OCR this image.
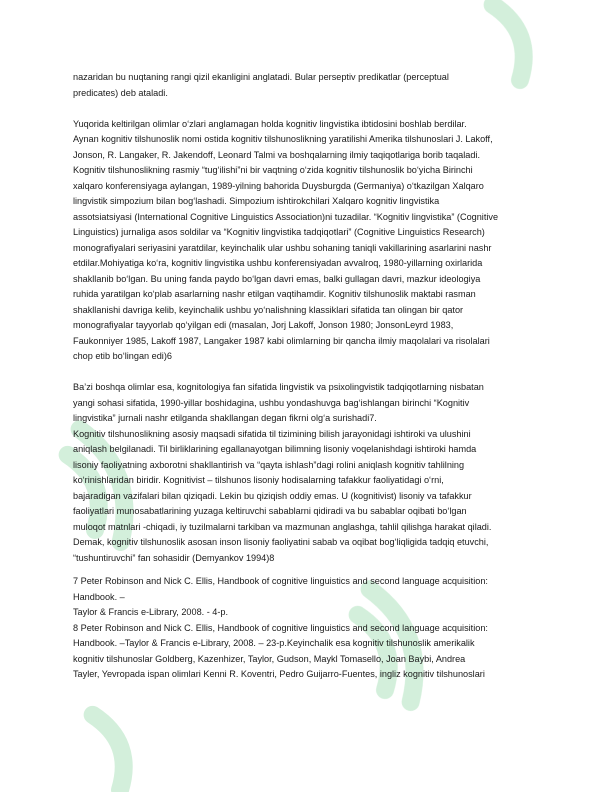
nazaridan bu nuqtaning rangi qizil ekanligini anglatadi. Bular perseptiv predikatlar (perceptual
predicates) deb ataladi.

Yuqorida keltirilgan olimlar o‘zlari anglamagan holda kognitiv lingvistika ibtidosini boshlab berdilar.
Aynan kognitiv tilshunoslik nomi ostida kognitiv tilshunoslikning yaratilishi Amerika tilshunoslari J. Lakoff,
Jonson, R. Langaker, R. Jakendoff, Leonard Talmi va boshqalarning ilmiy taqiqotlariga borib taqaladi.
Kognitiv tilshunoslikning rasmiy “tug‘ilishi”ni bir vaqtning o‘zida kognitiv tilshunoslik bo‘yicha Birinchi
xalqaro konferensiyaga aylangan, 1989-yilning bahorida Duysburgda (Germaniya) o‘tkazilgan Xalqaro
lingvistik simpozium bilan bog‘lashadi. Simpozium ishtirokchilari Xalqaro kognitiv lingvistika
assotsiatsiyasi (International Cognitive Linguistics Association)ni tuzadilar. “Kognitiv lingvistika” (Cognitive
Linguistics) jurnaliga asos soldilar va “Kognitiv lingvistika tadqiqotlari” (Cognitive Linguistics Research)
monografiyalari seriyasini yaratdilar, keyinchalik ular ushbu sohaning taniqli vakillarining asarlarini nashr
etdilar.Mohiyatiga ko‘ra, kognitiv lingvistika ushbu konferensiyadan avvalroq, 1980-yillarning oxirlarida
shakllanib bo‘lgan. Bu uning fanda paydo bo‘lgan davri emas, balki gullagan davri, mazkur ideologiya
ruhida yaratilgan ko‘plab asarlarning nashr etilgan vaqtihamdir. Kognitiv tilshunoslik maktabi rasman
shakllanishi davriga kelib, keyinchalik ushbu yo‘nalishning klassiklari sifatida tan olingan bir qator
monografiyalar tayyorlab qo‘yilgan edi (masalan, Jorj Lakoff, Jonson 1980; JonsonLeyrd 1983,
Faukonniyer 1985, Lakoff 1987, Langaker 1987 kabi olimlarning bir qancha ilmiy maqolalari va risolalari
chop etib bo‘lingan edi)6

Ba’zi boshqa olimlar esa, kognitologiya fan sifatida lingvistik va psixolingvistik tadqiqotlarning nisbatan
yangi sohasi sifatida, 1990-yillar boshidagina, ushbu yondashuvga bag‘ishlangan birinchi “Kognitiv
lingvistika” jurnali nashr etilganda shakllangan degan fikrni olg‘a surishadi7.
Kognitiv tilshunoslikning asosiy maqsadi sifatida til tizimining bilish jarayonidagi ishtiroki va ulushini
aniqlash belgilanadi. Til birliklarining egallanayotgan bilimning lisoniy voqelanishdagi ishtiroki hamda
lisoniy faoliyatning axborotni shakllantirish va “qayta ishlash”dagi rolini aniqlash kognitiv tahlilning
ko‘rinishlaridan biridir. Kognitivist – tilshunos lisoniy hodisalarning tafakkur faoliyatidagi o‘rni,
bajaradigan vazifalari bilan qiziqadi. Lekin bu qiziqish oddiy emas. U (kognitivist) lisoniy va tafakkur
faoliyatlari munosabatlarining yuzaga keltiruvchi sabablarni qidiradi va bu sabablar oqibati bo‘lgan
muloqot matnlari -chiqadi, iy tuzilmalarni tarkiban va mazmunan anglashga, tahlil qilishga harakat qiladi.
Demak, kognitiv tilshunoslik asosan inson lisoniy faoliyatini sabab va oqibat bog‘liqligida tadqiq etuvchi,
“tushuntiruvchi” fan sohasidir (Demyankov 1994)8

7 Peter Robinson and Nick C. Ellis, Handbook of cognitive linguistics and second language acquisition:
Handbook. –
Taylor & Francis e-Library, 2008. - 4-p.
8 Peter Robinson and Nick C. Ellis, Handbook of cognitive linguistics and second language acquisition:
Handbook. –Taylor & Francis e-Library, 2008. – 23-p.Keyinchalik esa kognitiv tilshunoslik amerikalik
kognitiv tilshunoslar Goldberg, Kazenhizer, Taylor, Gudson, Maykl Tomasello, Joan Baybi, Andrea
Tayler, Yevropada ispan olimlari Kenni R. Koventri, Pedro Guijarro-Fuentes, ingliz kognitiv tilshunoslari
